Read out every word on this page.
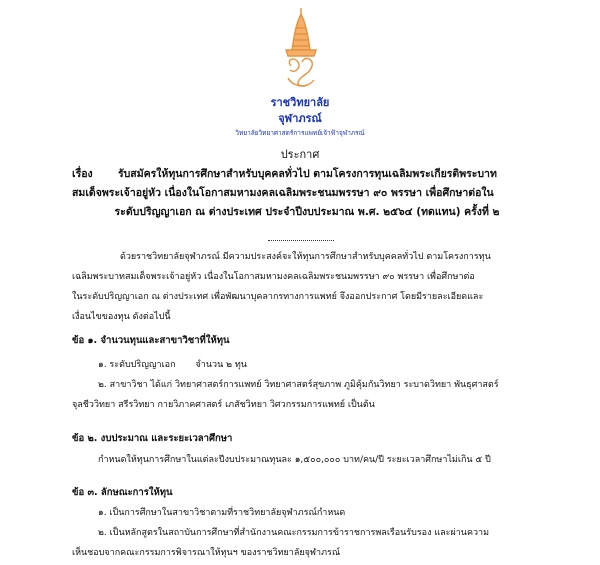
ราชวิทยาลัย
จุฬาภรณ์
วิทยาลัยวิทยาศาสตร์การแพทย์เจ้าฟ้าจุฬาภรณ์
ประกาศ
เรื่อง รับสมัครให้ทุนการศึกษาสำหรับบุคคลทั่วไป ตามโครงการทุนเฉลิมพระเกียรติพระบาท
สมเด็จพระเจ้าอยู่หัว เนื่องในโอกาสมหามงคลเฉลิมพระชนมพรรษา ๙๐ พรรษา เพื่อศึกษาต่อใน
ระดับปริญญาเอก ณ ต่างประเทศ ประจำปีงบประมาณ พ.ศ. ๒๕๖๔ (ทดแทน) ครั้งที่ ๒
ด้วยราชวิทยาลัยจุฬาภรณ์ มีความประสงค์จะให้ทุนการศึกษาสำหรับบุคคลทั่วไป ตามโครงการทุน
เฉลิมพระบาทสมเด็จพระเจ้าอยู่หัว เนื่องในโอกาสมหามงคลเฉลิมพระชนมพรรษา ๙๐ พรรษา เพื่อศึกษาต่อ
ในระดับปริญญาเอก ณ ต่างประเทศ เพื่อพัฒนาบุคลากรทางการแพทย์ จึงออกประกาศ โดยมีรายละเอียดและ
เงื่อนไขของทุน ดังต่อไปนี้
ข้อ ๑. จำนวนทุนและสาขาวิชาที่ให้ทุน
๑. ระดับปริญญาเอก จำนวน ๒ ทุน
๒. สาขาวิชา ได้แก่ วิทยาศาสตร์การแพทย์ วิทยาศาสตร์สุขภาพ ภูมิคุ้มกันวิทยา ระบาดวิทยา พันธุศาสตร์
จุลชีววิทยา สรีรวิทยา กายวิภาคศาสตร์ เภสัชวิทยา วิศวกรรมการแพทย์ เป็นต้น
ข้อ ๒. งบประมาณ และระยะเวลาศึกษา
กำหนดให้ทุนการศึกษาในแต่ละปีงบประมาณทุนละ ๑,๕๐๐,๐๐๐ บาท/คน/ปี ระยะเวลาศึกษาไม่เกิน ๕ ปี
ข้อ ๓. ลักษณะการให้ทุน
๑. เป็นการศึกษาในสาขาวิชาตามที่ราชวิทยาลัยจุฬาภรณ์กำหนด
๒. เป็นหลักสูตรในสถาบันการศึกษาที่สำนักงานคณะกรรมการข้าราชการพลเรือนรับรอง และผ่านความ
เห็นชอบจากคณะกรรมการพิจารณาให้ทุนฯ ของราชวิทยาลัยจุฬาภรณ์
